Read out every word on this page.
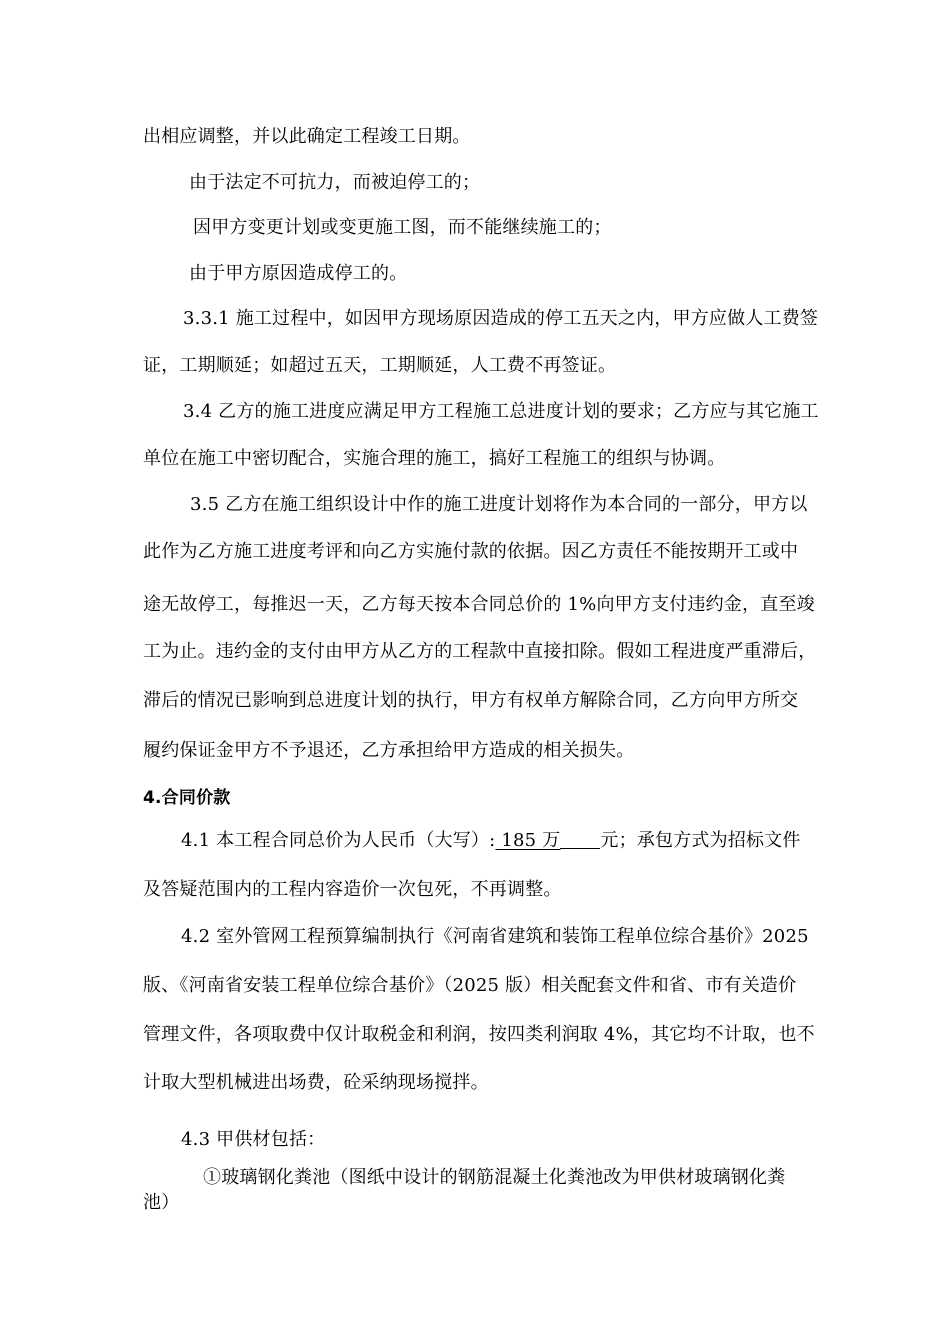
出相应调整，并以此确定工程竣工日期。
由于法定不可抗力，而被迫停工的；
因甲方变更计划或变更施工图，而不能继续施工的；
由于甲方原因造成停工的。
3.3.1 施工过程中，如因甲方现场原因造成的停工五天之内，甲方应做人工费签
证，工期顺延；如超过五天，工期顺延，人工费不再签证。
3.4 乙方的施工进度应满足甲方工程施工总进度计划的要求；乙方应与其它施工
单位在施工中密切配合，实施合理的施工，搞好工程施工的组织与协调。
3.5 乙方在施工组织设计中作的施工进度计划将作为本合同的一部分，甲方以
此作为乙方施工进度考评和向乙方实施付款的依据。因乙方责任不能按期开工或中
途无故停工，每推迟一天，乙方每天按本合同总价的 1%向甲方支付违约金，直至竣
工为止。违约金的支付由甲方从乙方的工程款中直接扣除。假如工程进度严重滞后，
滞后的情况已影响到总进度计划的执行，甲方有权单方解除合同，乙方向甲方所交
履约保证金甲方不予退还，乙方承担给甲方造成的相关损失。
4.合同价款
4.1 本工程合同总价为人民币（大写）: 185 万 元；承包方式为招标文件
及答疑范围内的工程内容造价一次包死，不再调整。
4.2 室外管网工程预算编制执行《河南省建筑和装饰工程单位综合基价》2025
版、《河南省安装工程单位综合基价》（2025 版）相关配套文件和省、市有关造价
管理文件，各项取费中仅计取税金和利润，按四类利润取 4%，其它均不计取，也不
计取大型机械进出场费，砼采纳现场搅拌。
4.3 甲供材包括：
①玻璃钢化粪池（图纸中设计的钢筋混凝土化粪池改为甲供材玻璃钢化粪
池）
